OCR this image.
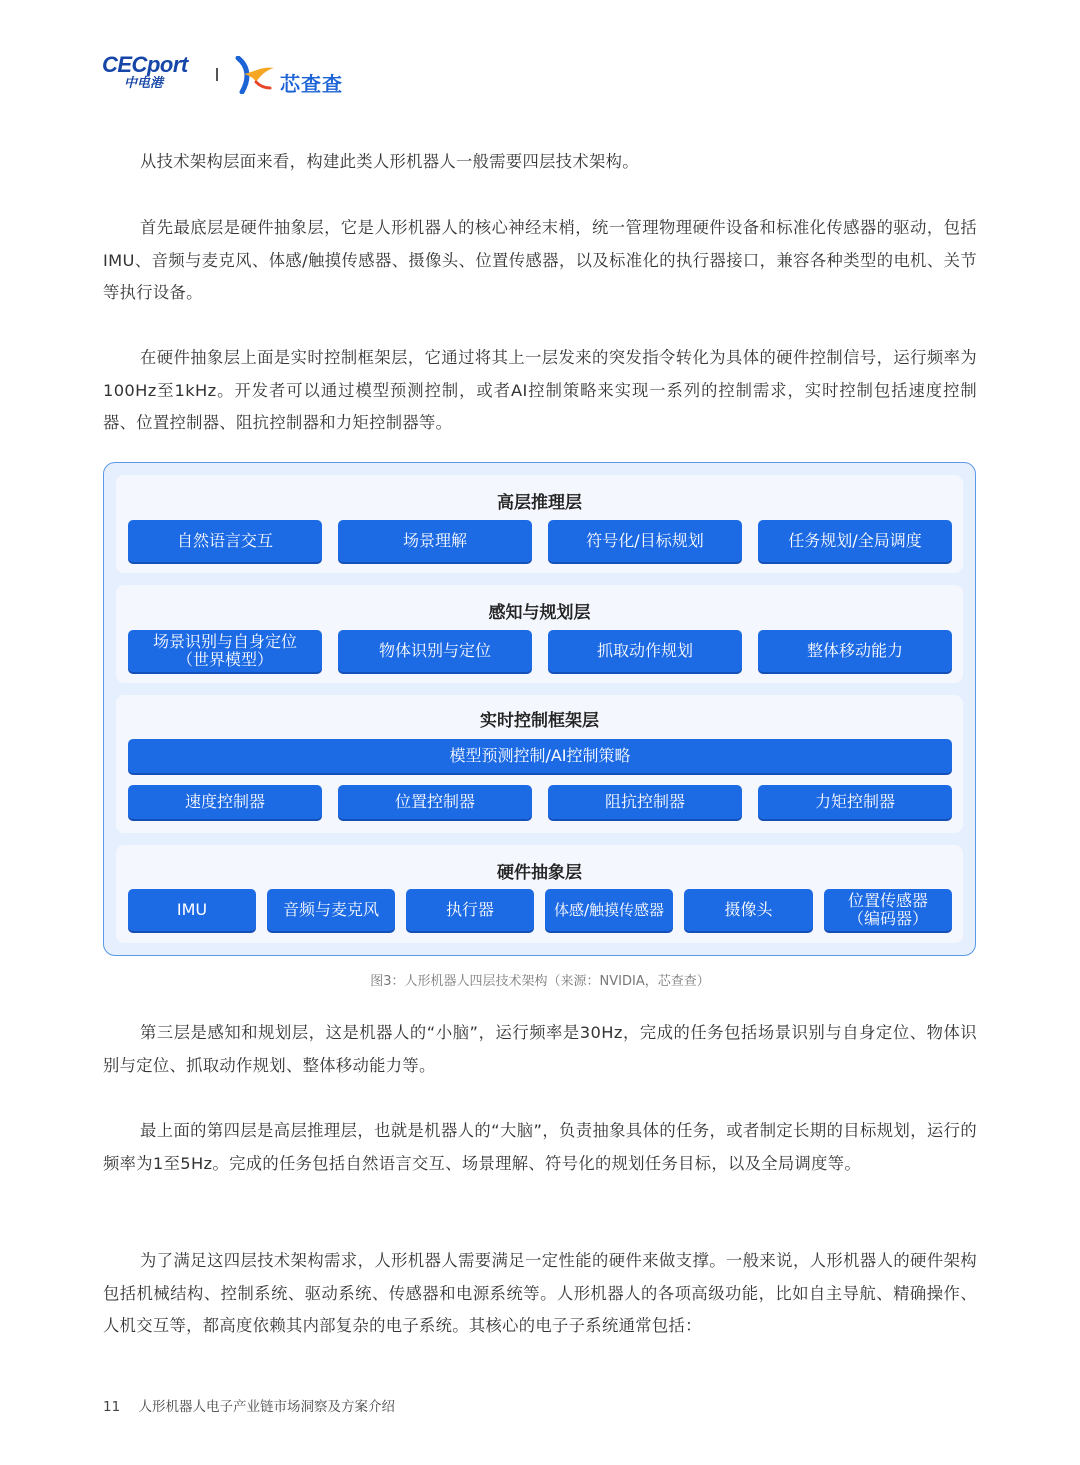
CECport
中电港	芯查查

从技术架构层面来看，构建此类人形机器人一般需要四层技术架构。

首先最底层是硬件抽象层，它是人形机器人的核心神经末梢，统一管理物理硬件设备和标准化传感器的驱动，包括IMU、音频与麦克风、体感/触摸传感器、摄像头、位置传感器，以及标准化的执行器接口，兼容各种类型的电机、关节等执行设备。

在硬件抽象层上面是实时控制框架层，它通过将其上一层发来的突发指令转化为具体的硬件控制信号，运行频率为100Hz至1kHz。开发者可以通过模型预测控制，或者AI控制策略来实现一系列的控制需求，实时控制包括速度控制器、位置控制器、阻抗控制器和力矩控制器等。

高层推理层

自然语言交互	场景理解	符号化/目标规划	任务规划/全局调度

感知与规划层

场景识别与自身定位
（世界模型）	物体识别与定位	抓取动作规划	整体移动能力

实时控制框架层

模型预测控制/AI控制策略
速度控制器	位置控制器	阻抗控制器	力矩控制器

硬件抽象层

IMU	音频与麦克风	执行器	体感/触摸传感器	摄像头	位置传感器
（编码器）
图3：人形机器人四层技术架构（来源：NVIDIA，芯查查）

第三层是感知和规划层，这是机器人的“小脑”，运行频率是30Hz，完成的任务包括场景识别与自身定位、物体识别与定位、抓取动作规划、整体移动能力等。

最上面的第四层是高层推理层，也就是机器人的“大脑”，负责抽象具体的任务，或者制定长期的目标规划，运行的频率为1至5Hz。完成的任务包括自然语言交互、场景理解、符号化的规划任务目标，以及全局调度等。

为了满足这四层技术架构需求，人形机器人需要满足一定性能的硬件来做支撑。一般来说，人形机器人的硬件架构包括机械结构、控制系统、驱动系统、传感器和电源系统等。人形机器人的各项高级功能，比如自主导航、精确操作、人机交互等，都高度依赖其内部复杂的电子系统。其核心的电子子系统通常包括：

11 人形机器人电子产业链市场洞察及方案介绍
